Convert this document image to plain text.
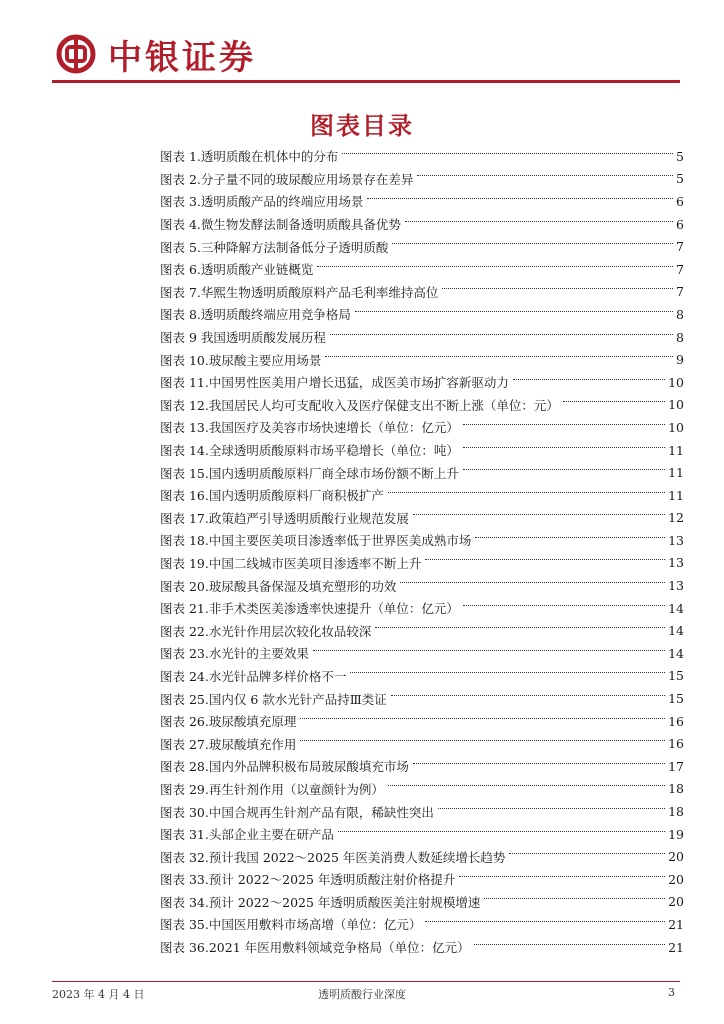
中银证券
图表目录
图表 1.透明质酸在机体中的分布	5
图表 2.分子量不同的玻尿酸应用场景存在差异	5
图表 3.透明质酸产品的终端应用场景	6
图表 4.微生物发酵法制备透明质酸具备优势	6
图表 5.三种降解方法制备低分子透明质酸	7
图表 6.透明质酸产业链概览	7
图表 7.华熙生物透明质酸原料产品毛利率维持高位	7
图表 8.透明质酸终端应用竞争格局	8
图表 9 我国透明质酸发展历程	8
图表 10.玻尿酸主要应用场景	9
图表 11.中国男性医美用户增长迅猛，成医美市场扩容新驱动力	10
图表 12.我国居民人均可支配收入及医疗保健支出不断上涨（单位：元）	10
图表 13.我国医疗及美容市场快速增长（单位：亿元）	10
图表 14.全球透明质酸原料市场平稳增长（单位：吨）	11
图表 15.国内透明质酸原料厂商全球市场份额不断上升	11
图表 16.国内透明质酸原料厂商积极扩产	11
图表 17.政策趋严引导透明质酸行业规范发展	12
图表 18.中国主要医美项目渗透率低于世界医美成熟市场	13
图表 19.中国二线城市医美项目渗透率不断上升	13
图表 20.玻尿酸具备保湿及填充塑形的功效	13
图表 21.非手术类医美渗透率快速提升（单位：亿元）	14
图表 22.水光针作用层次较化妆品较深	14
图表 23.水光针的主要效果	14
图表 24.水光针品牌多样价格不一	15
图表 25.国内仅 6 款水光针产品持Ⅲ类证	15
图表 26.玻尿酸填充原理	16
图表 27.玻尿酸填充作用	16
图表 28.国内外品牌积极布局玻尿酸填充市场	17
图表 29.再生针剂作用（以童颜针为例）	18
图表 30.中国合规再生针剂产品有限，稀缺性突出	18
图表 31.头部企业主要在研产品	19
图表 32.预计我国 2022～2025 年医美消费人数延续增长趋势	20
图表 33.预计 2022～2025 年透明质酸注射价格提升	20
图表 34.预计 2022～2025 年透明质酸医美注射规模增速	20
图表 35.中国医用敷料市场高增（单位：亿元）	21
图表 36.2021 年医用敷料领域竞争格局（单位：亿元）	21
2023 年 4 月 4 日	透明质酸行业深度	3
